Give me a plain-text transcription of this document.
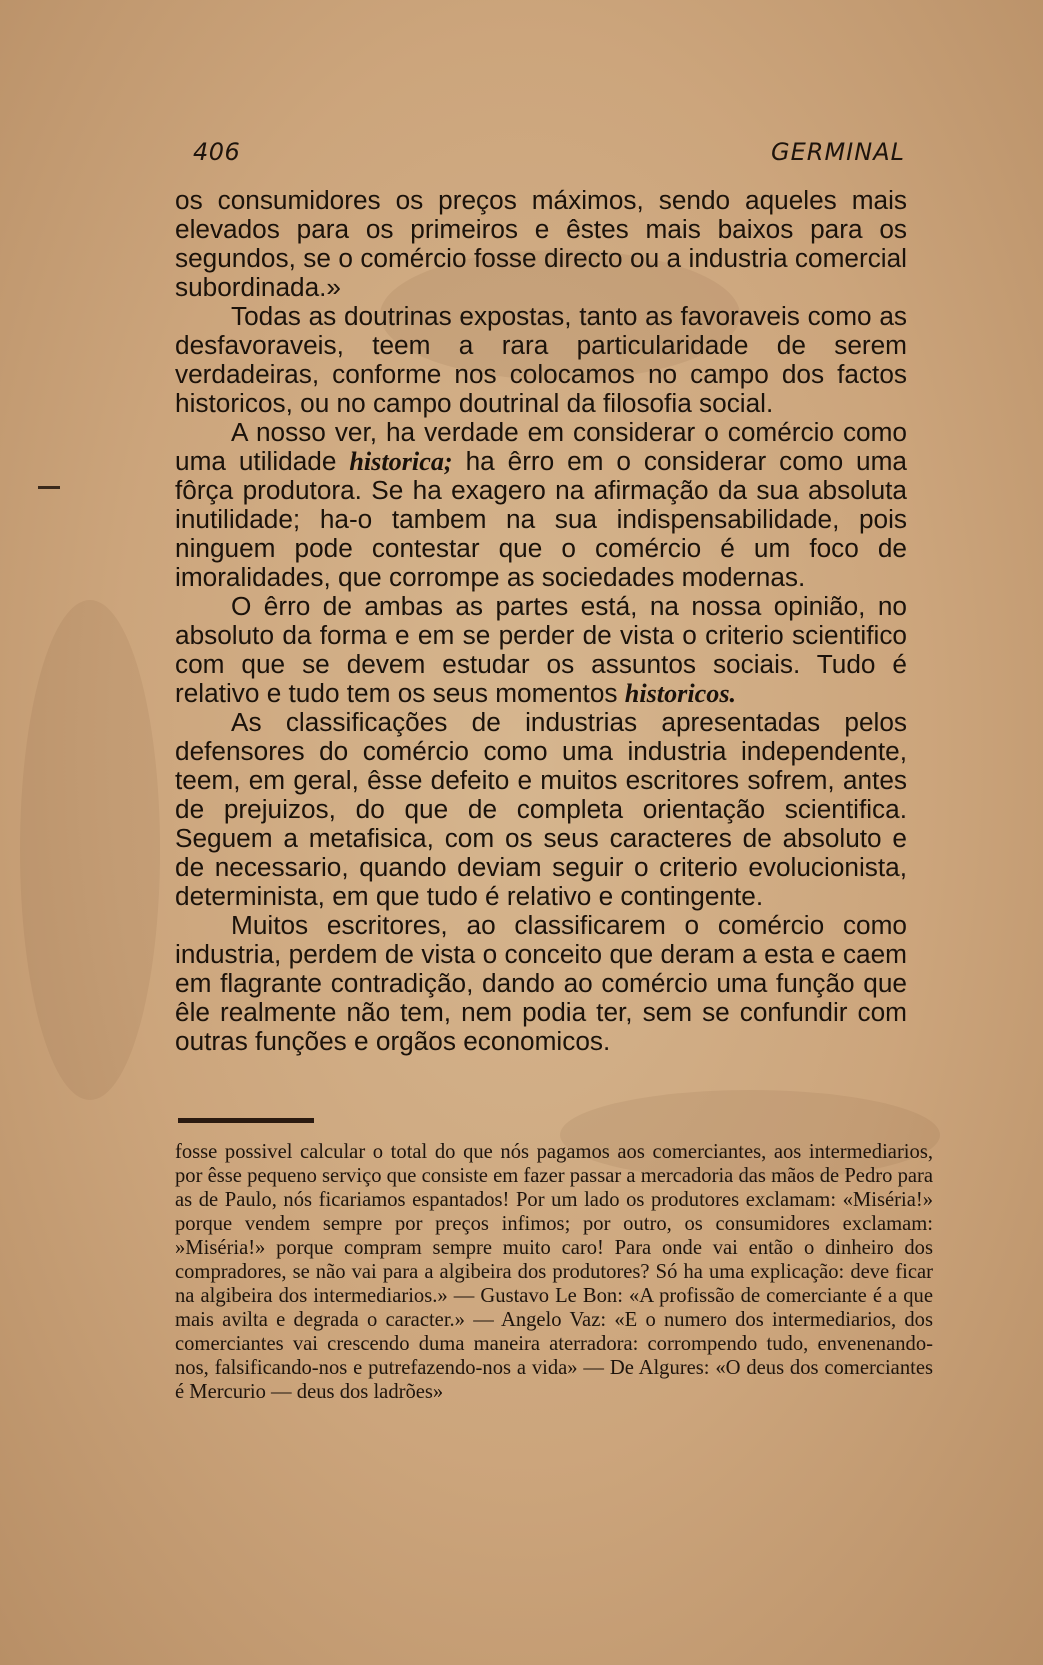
406	GERMINAL

os consumidores os preços máximos, sendo aqueles mais elevados para os primeiros e êstes mais baixos para os segundos, se o comércio fosse directo ou a industria comercial subordinada.»

Todas as doutrinas expostas, tanto as favoraveis como as desfavoraveis, teem a rara particularidade de serem verdadeiras, conforme nos colocamos no campo dos factos historicos, ou no campo doutrinal da filosofia social.

A nosso ver, ha verdade em considerar o comércio como uma utilidade historica; ha êrro em o considerar como uma fôrça produtora. Se ha exagero na afirmação da sua absoluta inutilidade; ha-o tambem na sua indispensabilidade, pois ninguem pode contestar que o comércio é um foco de imoralidades, que corrompe as sociedades modernas.

O êrro de ambas as partes está, na nossa opinião, no absoluto da forma e em se perder de vista o criterio scientifico com que se devem estudar os assuntos sociais. Tudo é relativo e tudo tem os seus momentos historicos.

As classificações de industrias apresentadas pelos defensores do comércio como uma industria independente, teem, em geral, êsse defeito e muitos escritores sofrem, antes de prejuizos, do que de completa orientação scientifica. Seguem a metafisica, com os seus caracteres de absoluto e de necessario, quando deviam seguir o criterio evolucionista, determinista, em que tudo é relativo e contingente.

Muitos escritores, ao classificarem o comércio como industria, perdem de vista o conceito que deram a esta e caem em flagrante contradição, dando ao comércio uma função que êle realmente não tem, nem podia ter, sem se confundir com outras funções e orgãos economicos.

fosse possivel calcular o total do que nós pagamos aos comerciantes, aos intermediarios, por êsse pequeno serviço que consiste em fazer passar a mercadoria das mãos de Pedro para as de Paulo, nós ficariamos espantados! Por um lado os produtores exclamam: «Miséria!» porque vendem sempre por preços infimos; por outro, os consumidores exclamam: »Miséria!» porque compram sempre muito caro! Para onde vai então o dinheiro dos compradores, se não vai para a algibeira dos produtores? Só ha uma explicação: deve ficar na algibeira dos intermediarios.» — Gustavo Le Bon: «A profissão de comerciante é a que mais avilta e degrada o caracter.» — Angelo Vaz: «E o numero dos intermediarios, dos comerciantes vai crescendo duma maneira aterradora: corrompendo tudo, envenenando-nos, falsificando-nos e putrefazendo-nos a vida» — De Algures: «O deus dos comerciantes é Mercurio — deus dos ladrões»
